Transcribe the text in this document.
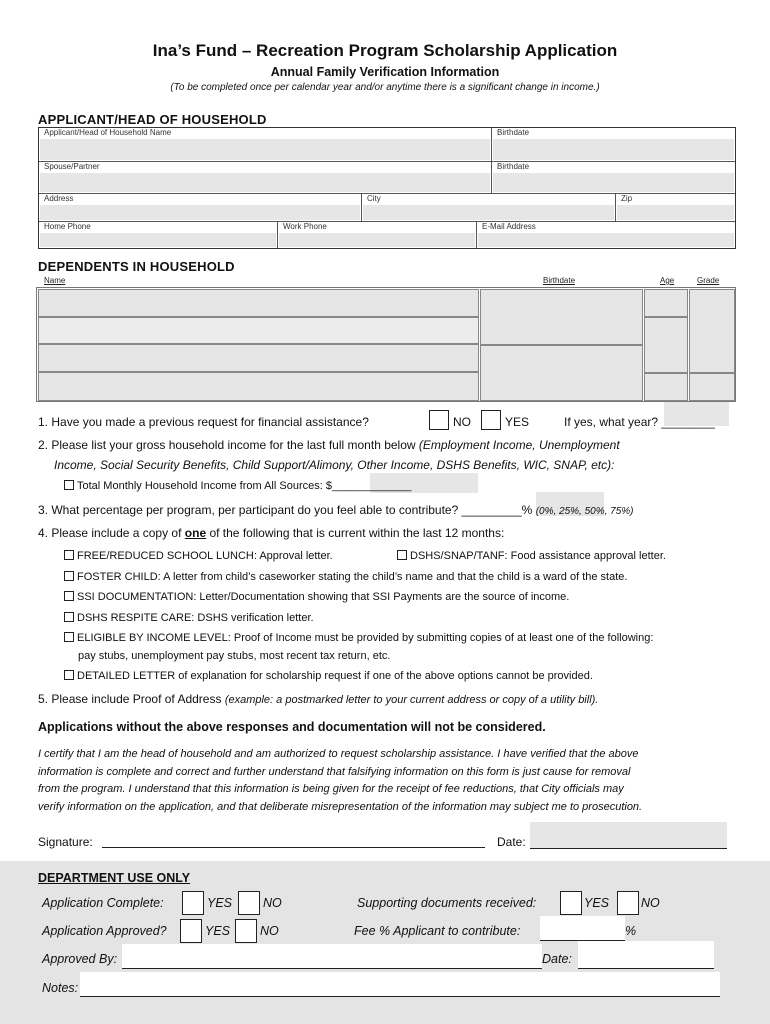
Ina’s Fund – Recreation Program Scholarship Application
Annual Family Verification Information
(To be completed once per calendar year and/or anytime there is a significant change in income.)
APPLICANT/HEAD OF HOUSEHOLD
Applicant/Head of Household Name	Birthdate
Spouse/Partner	Birthdate
Address	City	Zip
Home Phone	Work Phone	E-Mail Address
DEPENDENTS IN HOUSEHOLD
Name	Birthdate	Age	Grade
1. Have you made a previous request for financial assistance?	NO	YES	If yes, what year? ________
2. Please list your gross household income for the last full month below (Employment Income, Unemployment
Income, Social Security Benefits, Child Support/Alimony, Other Income, DSHS Benefits, WIC, SNAP, etc):
Total Monthly Household Income from All Sources: $_____________
3. What percentage per program, per participant do you feel able to contribute? _________% (0%, 25%, 50%, 75%)
4. Please include a copy of one of the following that is current within the last 12 months:
FREE/REDUCED SCHOOL LUNCH: Approval letter.	DSHS/SNAP/TANF: Food assistance approval letter.
FOSTER CHILD: A letter from child’s caseworker stating the child’s name and that the child is a ward of the state.
SSI DOCUMENTATION: Letter/Documentation showing that SSI Payments are the source of income.
DSHS RESPITE CARE: DSHS verification letter.
ELIGIBLE BY INCOME LEVEL: Proof of Income must be provided by submitting copies of at least one of the following:
pay stubs, unemployment pay stubs, most recent tax return, etc.
DETAILED LETTER of explanation for scholarship request if one of the above options cannot be provided.
5. Please include Proof of Address (example: a postmarked letter to your current address or copy of a utility bill).
Applications without the above responses and documentation will not be considered.
I certify that I am the head of household and am authorized to request scholarship assistance. I have verified that the above
information is complete and correct and further understand that falsifying information on this form is just cause for removal
from the program. I understand that this information is being given for the receipt of fee reductions, that City officials may
verify information on the application, and that deliberate misrepresentation of the information may subject me to prosecution.
Signature:	Date:
DEPARTMENT USE ONLY
Application Complete:	YES NO	Supporting documents received:	YES	NO
Application Approved?	YES NO	Fee % Applicant to contribute:	%
Approved By:	Date:
Notes:
